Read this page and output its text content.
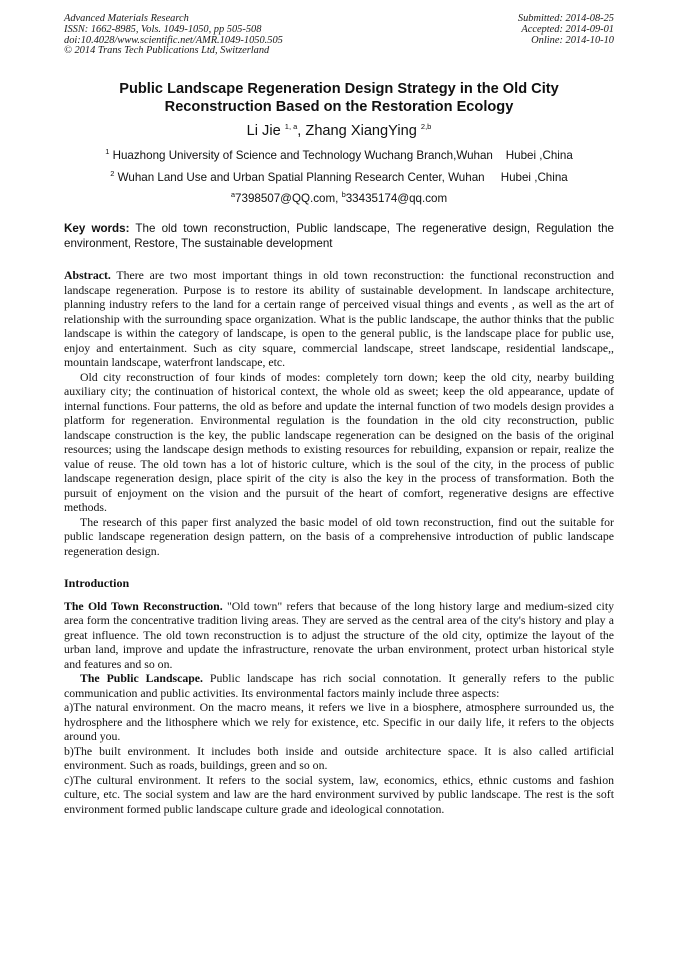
Advanced Materials Research
ISSN: 1662-8985, Vols. 1049-1050, pp 505-508
doi:10.4028/www.scientific.net/AMR.1049-1050.505
© 2014 Trans Tech Publications Ltd, Switzerland
Submitted: 2014-08-25
Accepted: 2014-09-01
Online: 2014-10-10
Public Landscape Regeneration Design Strategy in the Old City
Reconstruction Based on the Restoration Ecology
Li Jie $^{1, a}$, Zhang XiangYing $^{2,b}$
$^1$ Huazhong University of Science and Technology Wuchang Branch,Wuhan    Hubei ,China
$^2$ Wuhan Land Use and Urban Spatial Planning Research Center, Wuhan     Hubei ,China
$^a$7398507@QQ.com, $^b$33435174@qq.com
Key words: The old town reconstruction, Public landscape, The regenerative design, Regulation the environment, Restore, The sustainable development

Abstract. There are two most important things in old town reconstruction: the functional reconstruction and landscape regeneration. Purpose is to restore its ability of sustainable development. In landscape architecture, planning industry refers to the land for a certain range of perceived visual things and events , as well as the art of relationship with the surrounding space organization. What is the public landscape, the author thinks that the public landscape is within the category of landscape, is open to the general public, is the landscape place for public use, enjoy and entertainment. Such as city square, commercial landscape, street landscape, residential landscape,, mountain landscape, waterfront landscape, etc.

Old city reconstruction of four kinds of modes: completely torn down; keep the old city, nearby building auxiliary city; the continuation of historical context, the whole old as sweet; keep the old appearance, update of internal functions. Four patterns, the old as before and update the internal function of two models design provides a platform for regeneration. Environmental regulation is the foundation in the old city reconstruction, public landscape construction is the key, the public landscape regeneration can be designed on the basis of the original resources; using the landscape design methods to existing resources for rebuilding, expansion or repair, realize the value of reuse. The old town has a lot of historic culture, which is the soul of the city, in the process of public landscape regeneration design, place spirit of the city is also the key in the process of transformation. Both the pursuit of enjoyment on the vision and the pursuit of the heart of comfort, regenerative designs are effective methods.

The research of this paper first analyzed the basic model of old town reconstruction, find out the suitable for public landscape regeneration design pattern, on the basis of a comprehensive introduction of public landscape regeneration design.

Introduction

The Old Town Reconstruction. "Old town" refers that because of the long history large and medium-sized city area form the concentrative tradition living areas. They are served as the central area of the city's history and play a great influence. The old town reconstruction is to adjust the structure of the old city, optimize the layout of the urban land, improve and update the infrastructure, renovate the urban environment, protect urban historical style and features and so on.

The Public Landscape. Public landscape has rich social connotation. It generally refers to the public communication and public activities. Its environmental factors mainly include three aspects:

a)The natural environment. On the macro means, it refers we live in a biosphere, atmosphere surrounded us, the hydrosphere and the lithosphere which we rely for existence, etc. Specific in our daily life, it refers to the objects around you.

b)The built environment. It includes both inside and outside architecture space. It is also called artificial environment. Such as roads, buildings, green and so on.

c)The cultural environment. It refers to the social system, law, economics, ethics, ethnic customs and fashion culture, etc. The social system and law are the hard environment survived by public landscape. The rest is the soft environment formed public landscape culture grade and ideological connotation.
